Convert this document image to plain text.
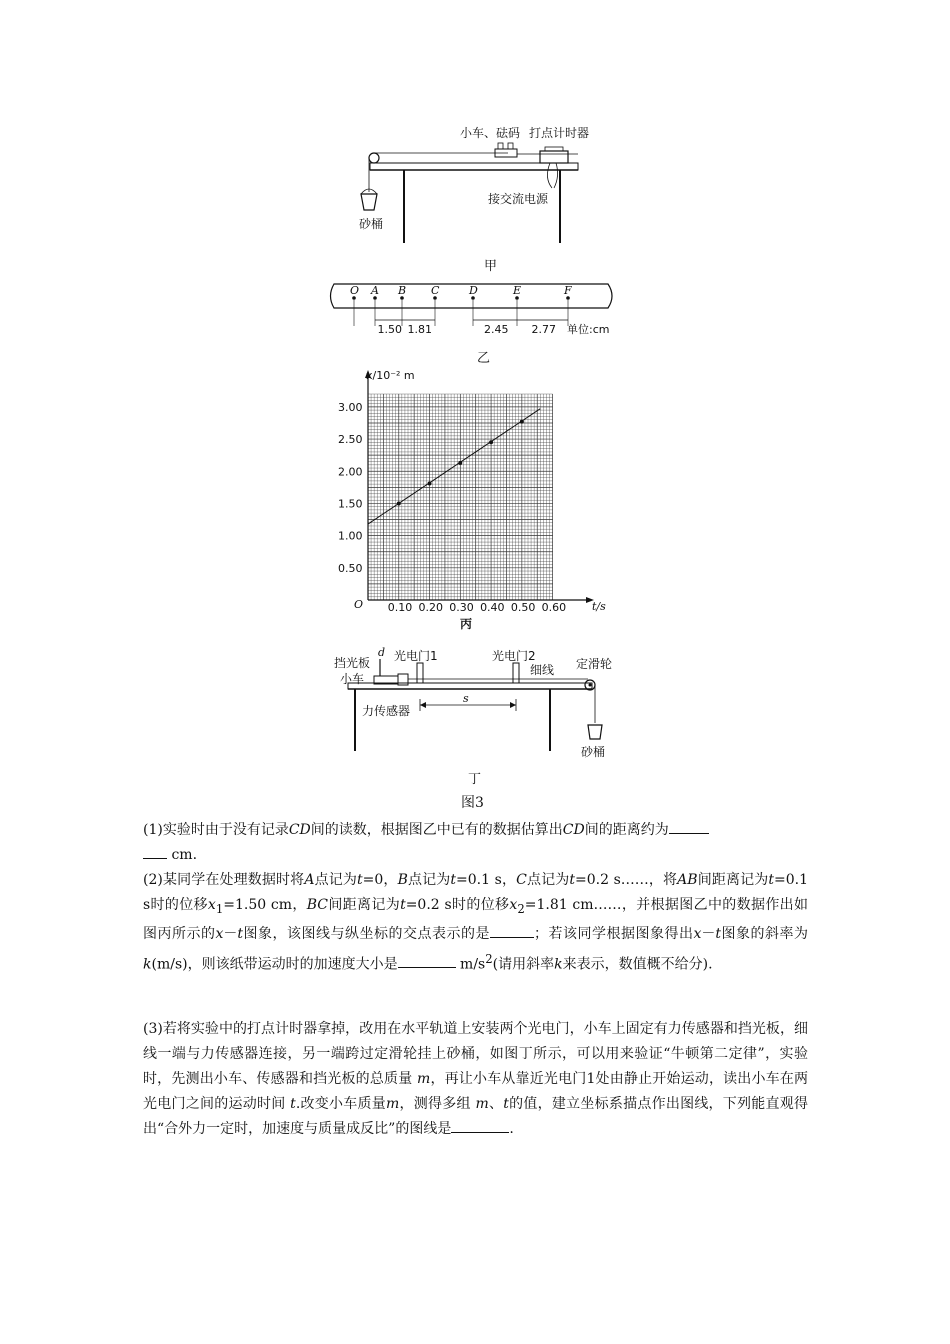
小车、砝码 打点计时器
接交流电源
砂桶
甲
O A B C	D	E	F
1.50 1.81	2.45 2.77 单位:cm
乙
0.10 0.20 0.30 0.40 0.50 0.60
0.50
1.00
1.50
2.00
2.50
3.00
x/10⁻² m
t/s
O
丙
s
d
挡光板
小车
光电门1	光电门2
细线 定滑轮
力传感器
砂桶
丁
图3
(1)实验时由于没有记录CD间的读数，根据图乙中已有的数据估算出CD间的距离约为
cm.
(2)某同学在处理数据时将A点记为t=0，B点记为t=0.1 s，C点记为t=0.2 s……，将AB间距离记为t=0.1 s时的位移$x_1=1.50$ cm，BC间距离记为t=0.2 s时的位移$x_2=1.81$ cm……，并根据图乙中的数据作出如图丙所示的x－t图象，该图线与纵坐标的交点表示的是	；若该同学根据图象得出x－t图象的斜率为k(m/s)，则该纸带运动时的加速度大小是	$m/s^2$(请用斜率k来表示，数值概不给分).
(3)若将实验中的打点计时器拿掉，改用在水平轨道上安装两个光电门，小车上固定有力传感器和挡光板，细线一端与力传感器连接，另一端跨过定滑轮挂上砂桶，如图丁所示，可以用来验证“牛顿第二定律”，实验时，先测出小车、传感器和挡光板的总质量 m，再让小车从靠近光电门1处由静止开始运动，读出小车在两光电门之间的运动时间 t.改变小车质量m，测得多组 m、t的值，建立坐标系描点作出图线，下列能直观得出“合外力一定时，加速度与质量成反比”的图线是	.
